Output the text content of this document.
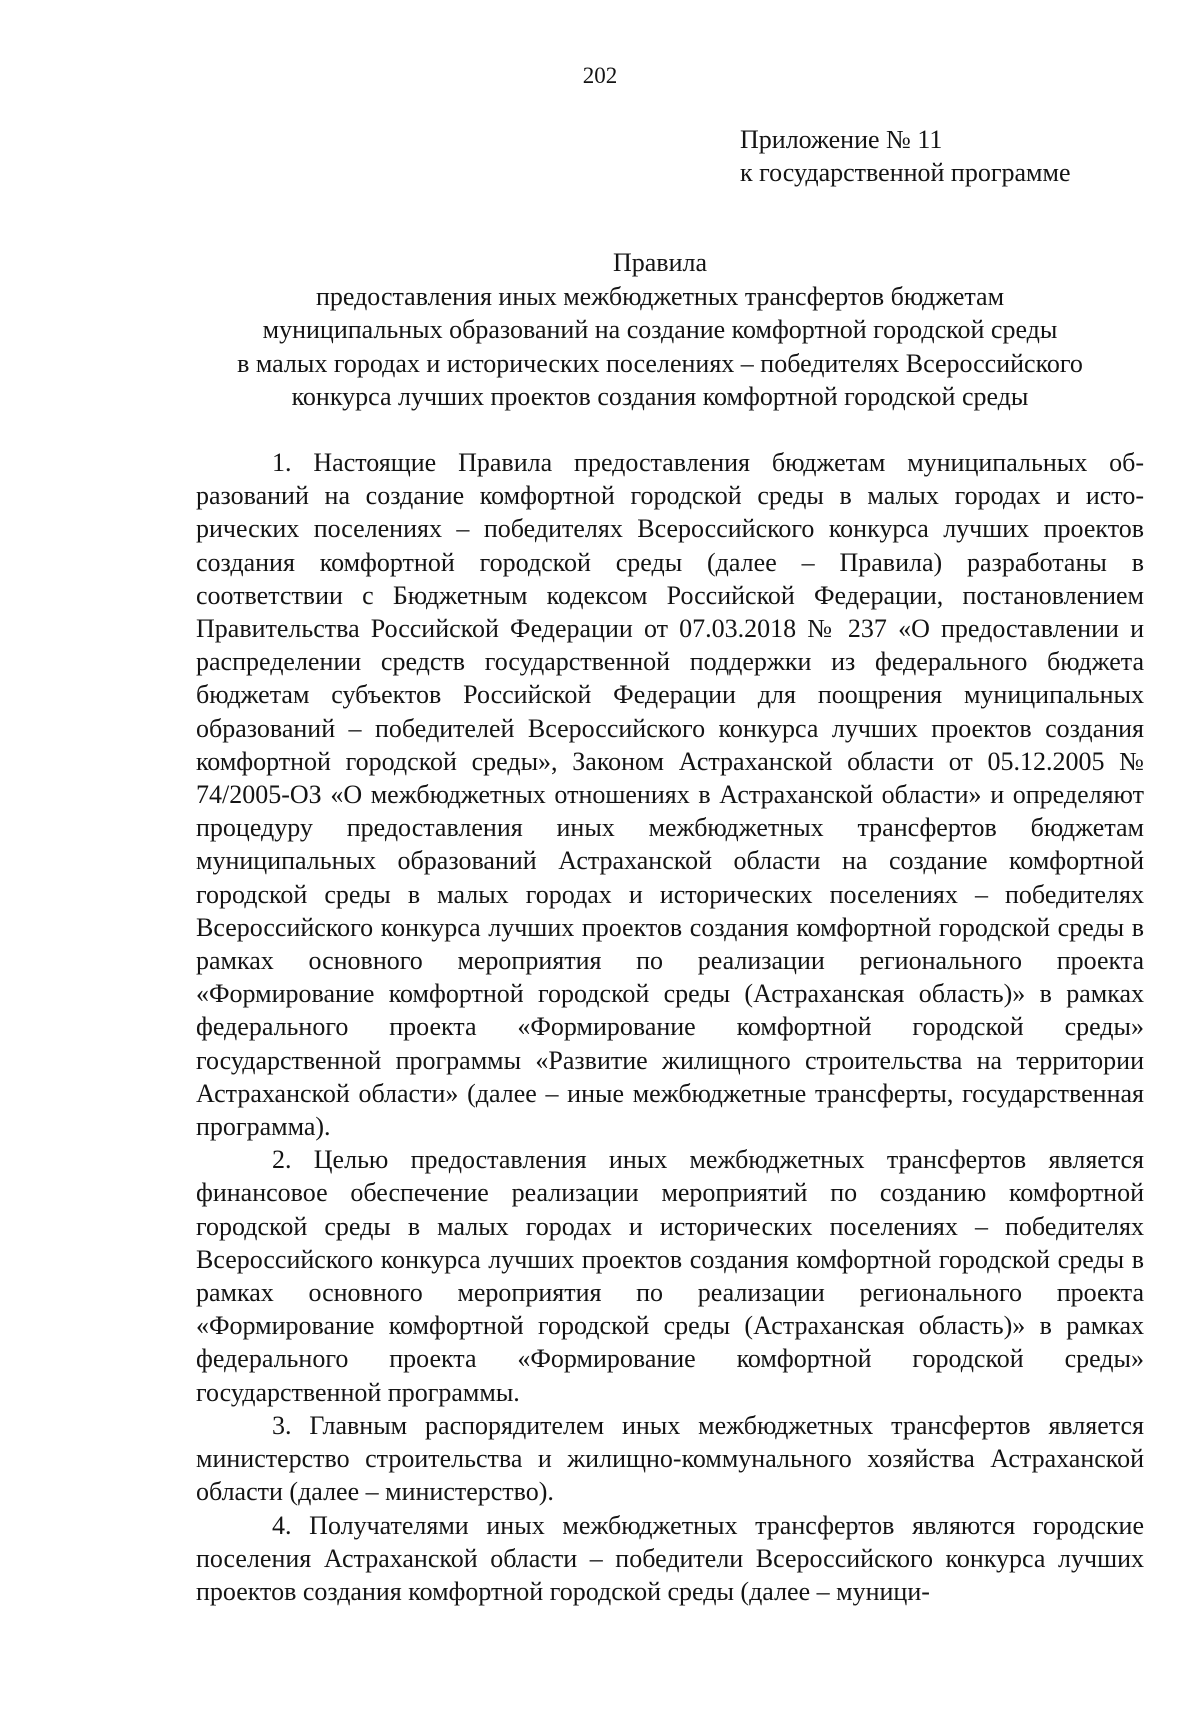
202
Приложение № 11
к государственной программе
Правила
предоставления иных межбюджетных трансфертов бюджетам
муниципальных образований на создание комфортной городской среды
в малых городах и исторических поселениях – победителях Всероссийского
конкурса лучших проектов создания комфортной городской среды

1. Настоящие Правила предоставления бюджетам муниципальных образований на создание комфортной городской среды в малых городах и исторических поселениях – победителях Всероссийского конкурса лучших проектов создания комфортной городской среды (далее – Правила) разработаны в соответствии с Бюджетным кодексом Российской Федерации, постановлением Правительства Российской Федерации от 07.03.2018 № 237 «О предоставлении и распределении средств государственной поддержки из федерального бюджета бюджетам субъектов Российской Федерации для поощрения муниципальных образований – победителей Всероссийского конкурса лучших проектов создания комфортной городской среды», Законом Астраханской области от 05.12.2005 № 74/2005-ОЗ «О межбюджетных отношениях в Астраханской области» и определяют процедуру предоставления иных межбюджетных трансфертов бюджетам муниципальных образований Астраханской области на создание комфортной городской среды в малых городах и исторических поселениях – победителях Всероссийского конкурса лучших проектов создания комфортной городской среды в рамках основного мероприятия по реализации регионального проекта «Формирование комфортной городской среды (Астраханская область)» в рамках федерального проекта «Формирование комфортной городской среды» государственной программы «Развитие жилищного строительства на территории Астраханской области» (далее – иные межбюджетные трансферты, государственная программа).

2. Целью предоставления иных межбюджетных трансфертов является финансовое обеспечение реализации мероприятий по созданию комфортной городской среды в малых городах и исторических поселениях – победителях Всероссийского конкурса лучших проектов создания комфортной городской среды в рамках основного мероприятия по реализации регионального проекта «Формирование комфортной городской среды (Астраханская область)» в рамках федерального проекта «Формирование комфортной городской среды» государственной программы.

3. Главным распорядителем иных межбюджетных трансфертов является министерство строительства и жилищно-коммунального хозяйства Астраханской области (далее – министерство).

4. Получателями иных межбюджетных трансфертов являются городские поселения Астраханской области – победители Всероссийского конкурса лучших проектов создания комфортной городской среды (далее – муници-
